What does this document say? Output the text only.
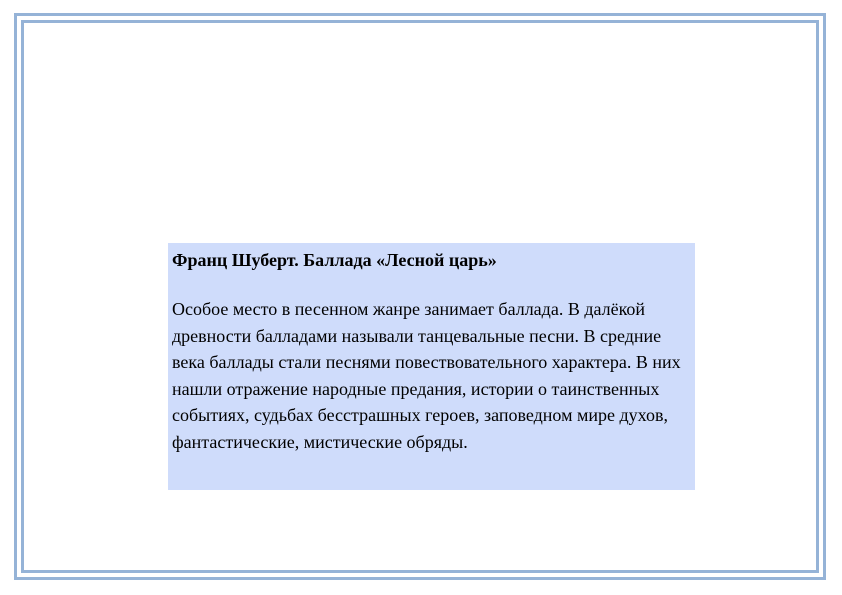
Франц Шуберт. Баллада «Лесной царь»

Особое место в песенном жанре занимает баллада. В далёкой древности балладами называли танцевальные песни. В средние века баллады стали песнями повествовательного характера. В них нашли отражение народные предания, истории о таинственных событиях, судьбах бесстрашных героев, заповедном мире духов, фантастические, мистические обряды.
